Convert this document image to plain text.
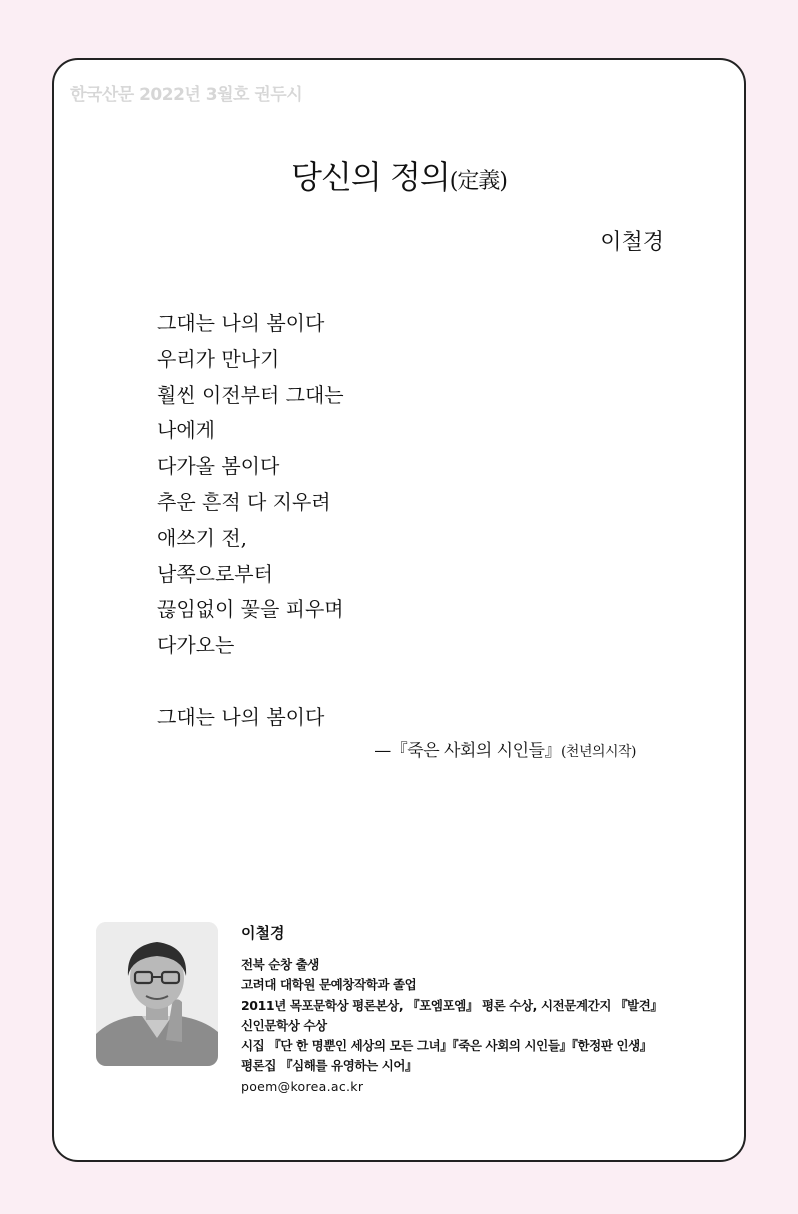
한국산문 2022년 3월호 권두시
당신의 정의(定義)
이철경
그대는 나의 봄이다
우리가 만나기
훨씬 이전부터 그대는
나에게
다가올 봄이다
추운 흔적 다 지우려
애쓰기 전,
남쪽으로부터
끊임없이 꽃을 피우며
다가오는
그대는 나의 봄이다
—『죽은 사회의 시인들』(천년의시작)
이철경
전북 순창 출생
고려대 대학원 문예창작학과 졸업
2011년 목포문학상 평론본상, 『포엠포엠』 평론 수상, 시전문계간지 『발견』
신인문학상 수상
시집 『단 한 명뿐인 세상의 모든 그녀』『죽은 사회의 시인들』『한정판 인생』
평론집 『심해를 유영하는 시어』
poem@korea.ac.kr
